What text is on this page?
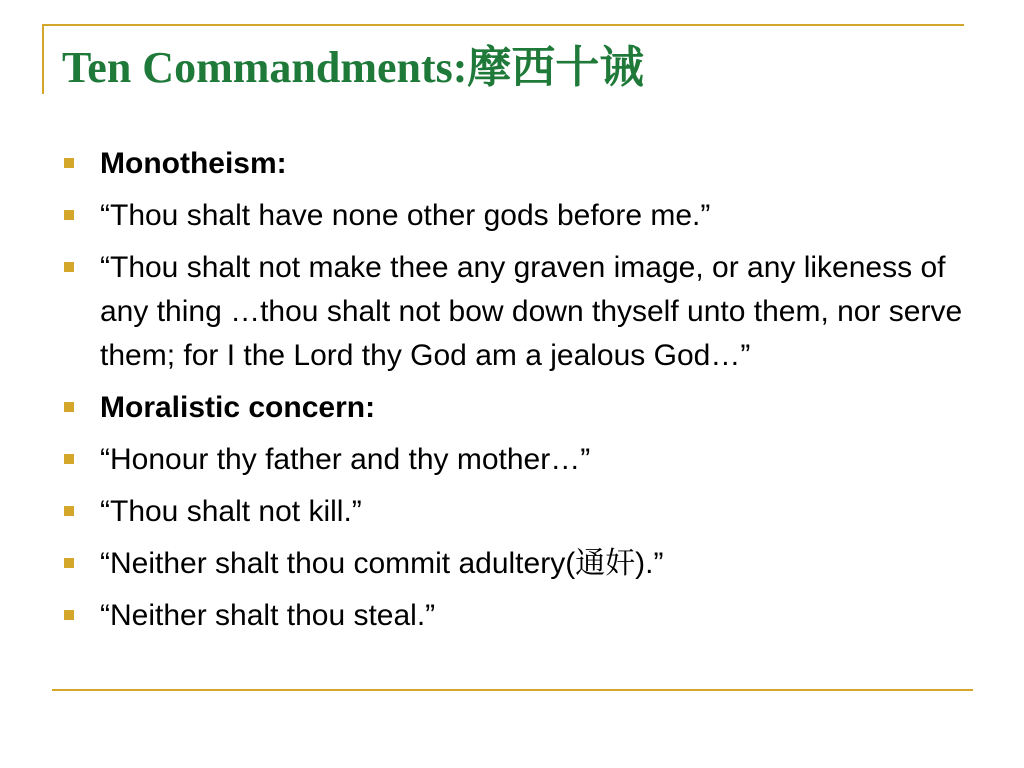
Ten Commandments:摩西十诫
Monotheism:
“Thou shalt have none other gods before me.”
“Thou shalt not make thee any graven image, or any likeness of any thing …thou shalt not bow down thyself unto them, nor serve them; for I the Lord thy God am a jealous God…”
Moralistic concern:
“Honour thy father and thy mother…”
“Thou shalt not kill.”
“Neither shalt thou commit adultery(通奸).”
“Neither shalt thou steal.”
